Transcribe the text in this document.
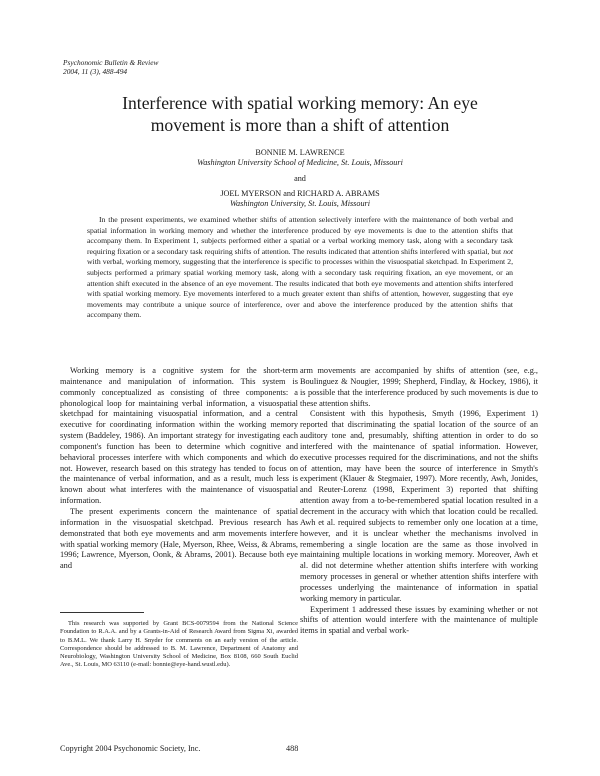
Psychonomic Bulletin & Review
2004, 11 (3), 488-494
Interference with spatial working memory: An eye
movement is more than a shift of attention
BONNIE M. LAWRENCE
Washington University School of Medicine, St. Louis, Missouri
and
JOEL MYERSON and RICHARD A. ABRAMS
Washington University, St. Louis, Missouri
In the present experiments, we examined whether shifts of attention selectively interfere with the maintenance of both verbal and spatial information in working memory and whether the interference produced by eye movements is due to the attention shifts that accompany them. In Experiment 1, subjects performed either a spatial or a verbal working memory task, along with a secondary task requiring fixation or a secondary task requiring shifts of attention. The results indicated that attention shifts interfered with spatial, but not with verbal, working memory, suggesting that the interference is specific to processes within the visuospatial sketchpad. In Experiment 2, subjects performed a primary spatial working memory task, along with a secondary task requiring fixation, an eye movement, or an attention shift executed in the absence of an eye movement. The results indicated that both eye movements and attention shifts interfered with spatial working memory. Eye movements interfered to a much greater extent than shifts of attention, however, suggesting that eye movements may contribute a unique source of interference, over and above the interference produced by the attention shifts that accompany them.

Working memory is a cognitive system for the short-term maintenance and manipulation of information. This system is commonly conceptualized as consisting of three components: a phonological loop for maintaining verbal information, a visuospatial sketchpad for maintaining visuospatial information, and a central executive for coordinating information within the working memory system (Baddeley, 1986). An important strategy for investigating each component's function has been to determine which cognitive and behavioral processes interfere with which components and which do not. However, research based on this strategy has tended to focus on the maintenance of verbal information, and as a result, much less is known about what interferes with the maintenance of visuospatial information.

The present experiments concern the maintenance of spatial information in the visuospatial sketchpad. Previous research has demonstrated that both eye movements and arm movements interfere with spatial working memory (Hale, Myerson, Rhee, Weiss, & Abrams, 1996; Lawrence, Myerson, Oonk, & Abrams, 2001). Because both eye and

arm movements are accompanied by shifts of attention (see, e.g., Boulinguez & Nougier, 1999; Shepherd, Findlay, & Hockey, 1986), it is possible that the interference produced by such movements is due to these attention shifts.

Consistent with this hypothesis, Smyth (1996, Experiment 1) reported that discriminating the spatial location of the source of an auditory tone and, presumably, shifting attention in order to do so interfered with the maintenance of spatial information. However, executive processes required for the discriminations, and not the shifts of attention, may have been the source of interference in Smyth's experiment (Klauer & Stegmaier, 1997). More recently, Awh, Jonides, and Reuter-Lorenz (1998, Experiment 3) reported that shifting attention away from a to-be-remembered spatial location resulted in a decrement in the accuracy with which that location could be recalled. Awh et al. required subjects to remember only one location at a time, however, and it is unclear whether the mechanisms involved in remembering a single location are the same as those involved in maintaining multiple locations in working memory. Moreover, Awh et al. did not determine whether attention shifts interfere with working memory processes in general or whether attention shifts interfere with processes underlying the maintenance of information in spatial working memory in particular.

Experiment 1 addressed these issues by examining whether or not shifts of attention would interfere with the maintenance of multiple items in spatial and verbal work-

This research was supported by Grant BCS-0079594 from the National Science Foundation to R.A.A. and by a Grants-in-Aid of Research Award from Sigma Xi, awarded to B.M.L. We thank Larry H. Snyder for comments on an early version of the article. Correspondence should be addressed to B. M. Lawrence, Department of Anatomy and Neurobiology, Washington University School of Medicine, Box 8108, 660 South Euclid Ave., St. Louis, MO 63110 (e-mail: bonnie@eye-hand.wustl.edu).
Copyright 2004 Psychonomic Society, Inc.	488
